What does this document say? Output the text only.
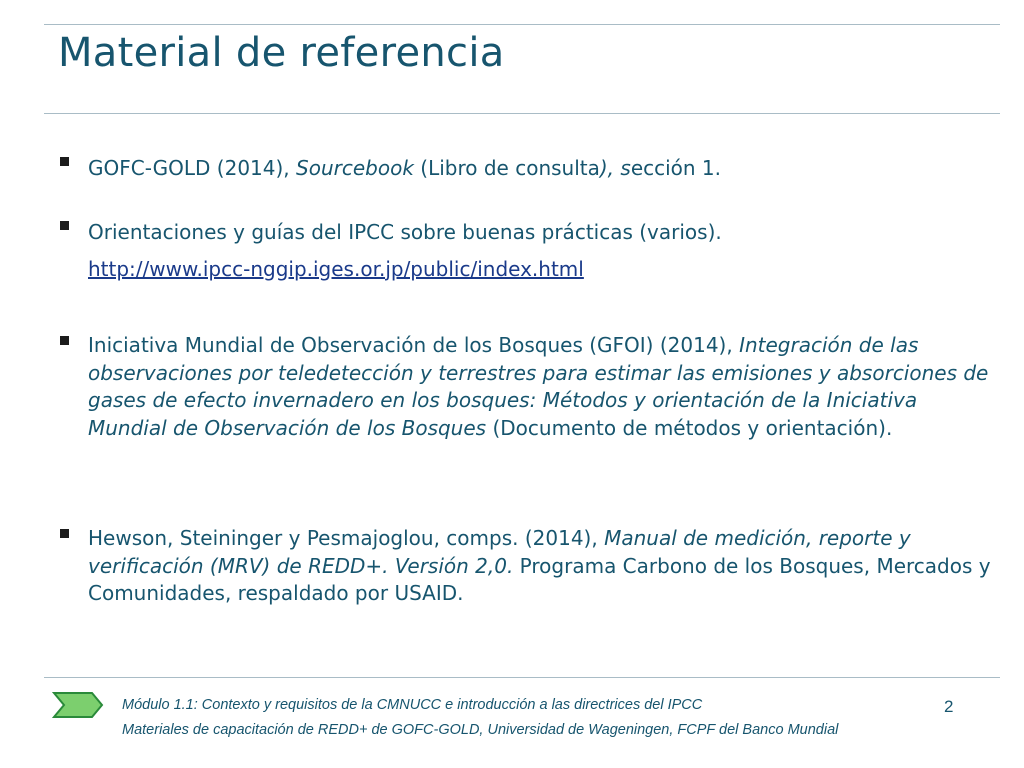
Material de referencia
GOFC-GOLD (2014), Sourcebook (Libro de consulta), sección 1.
Orientaciones y guías del IPCC sobre buenas prácticas (varios).
http://www.ipcc-nggip.iges.or.jp/public/index.html
Iniciativa Mundial de Observación de los Bosques (GFOI) (2014), Integración de las observaciones por teledetección y terrestres para estimar las emisiones y absorciones de gases de efecto invernadero en los bosques: Métodos y orientación de la Iniciativa Mundial de Observación de los Bosques (Documento de métodos y orientación).
Hewson, Steininger y Pesmajoglou, comps. (2014), Manual de medición, reporte y verificación (MRV) de REDD+. Versión 2,0. Programa Carbono de los Bosques, Mercados y Comunidades, respaldado por USAID.
Módulo 1.1: Contexto y requisitos de la CMNUCC e introducción a las directrices del IPCC
Materiales de capacitación de REDD+ de GOFC-GOLD, Universidad de Wageningen, FCPF del Banco Mundial
2
